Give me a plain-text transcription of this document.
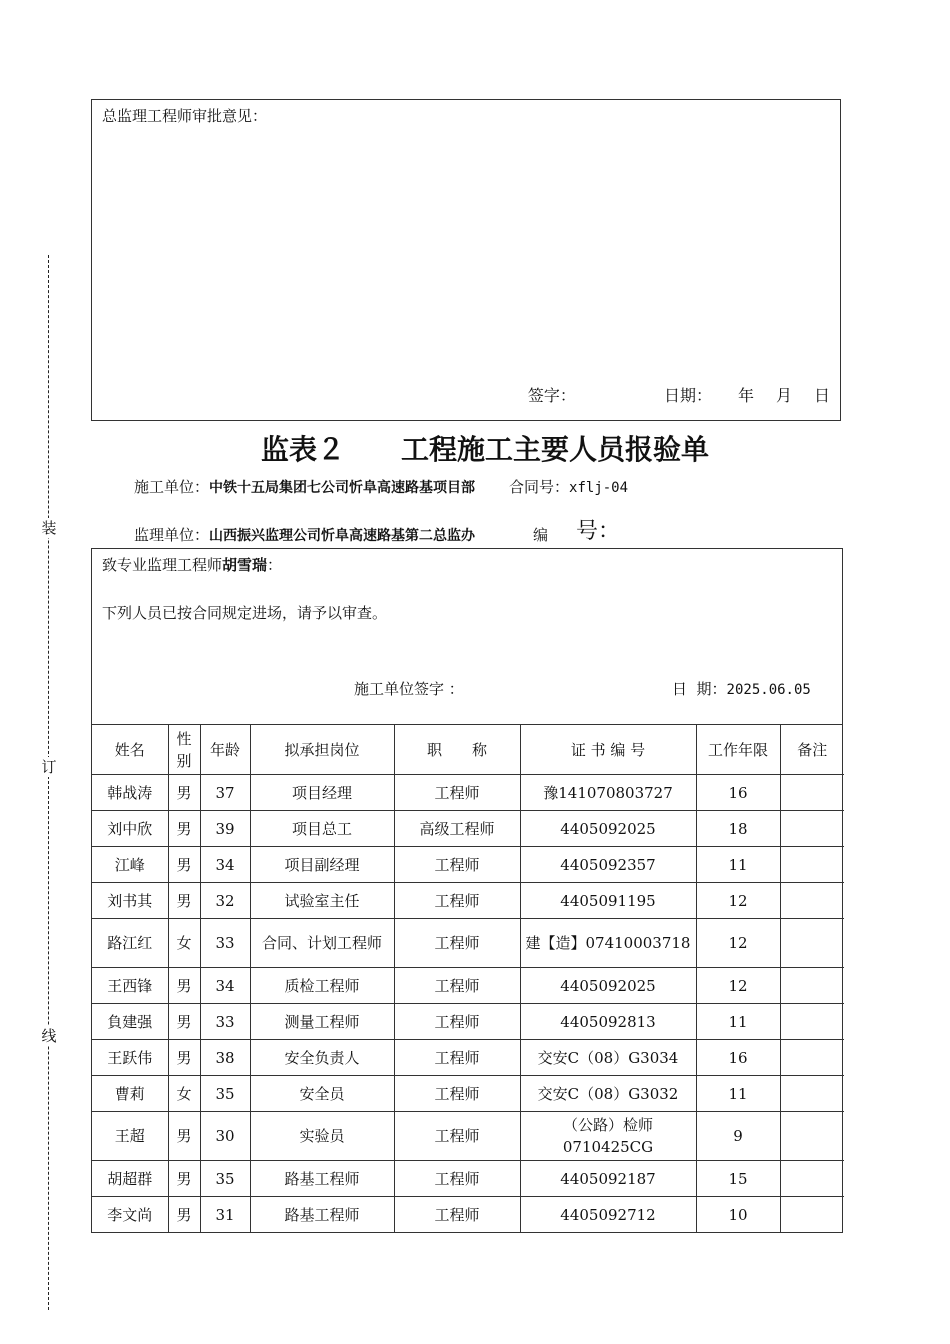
装
订
线
总监理工程师审批意见：
签字：	日期： 年 月 日
监表２　　工程施工主要人员报验单
施工单位：中铁十五局集团七公司忻阜高速路基项目部 合同号：xflj-04
监理单位：山西振兴监理公司忻阜高速路基第二总监办	编 号：
致专业监理工程师胡雪瑞：
下列人员已按合同规定进场，请予以审查。
施工单位签字 ：	日  期：2025.06.05
姓名	性别	年龄	拟承担岗位	职　　称	证 书 编 号	工作年限	备注
韩战涛	男	37	项目经理	工程师	豫141070803727	16	
刘中欣	男	39	项目总工	高级工程师	4405092025	18	
江峰	男	34	项目副经理	工程师	4405092357	11	
刘书其	男	32	试验室主任	工程师	4405091195	12	
路江红	女	33	合同、计划工程师	工程师	建【造】07410003718	12	
王西锋	男	34	质检工程师	工程师	4405092025	12	
負建强	男	33	测量工程师	工程师	4405092813	11	
王跃伟	男	38	安全负责人	工程师	交安C（08）G3034	16	
曹莉	女	35	安全员	工程师	交安C（08）G3032	11	
王超	男	30	实验员	工程师	（公路）检师0710425CG	9	
胡超群	男	35	路基工程师	工程师	4405092187	15	
李文尚	男	31	路基工程师	工程师	4405092712	10	
